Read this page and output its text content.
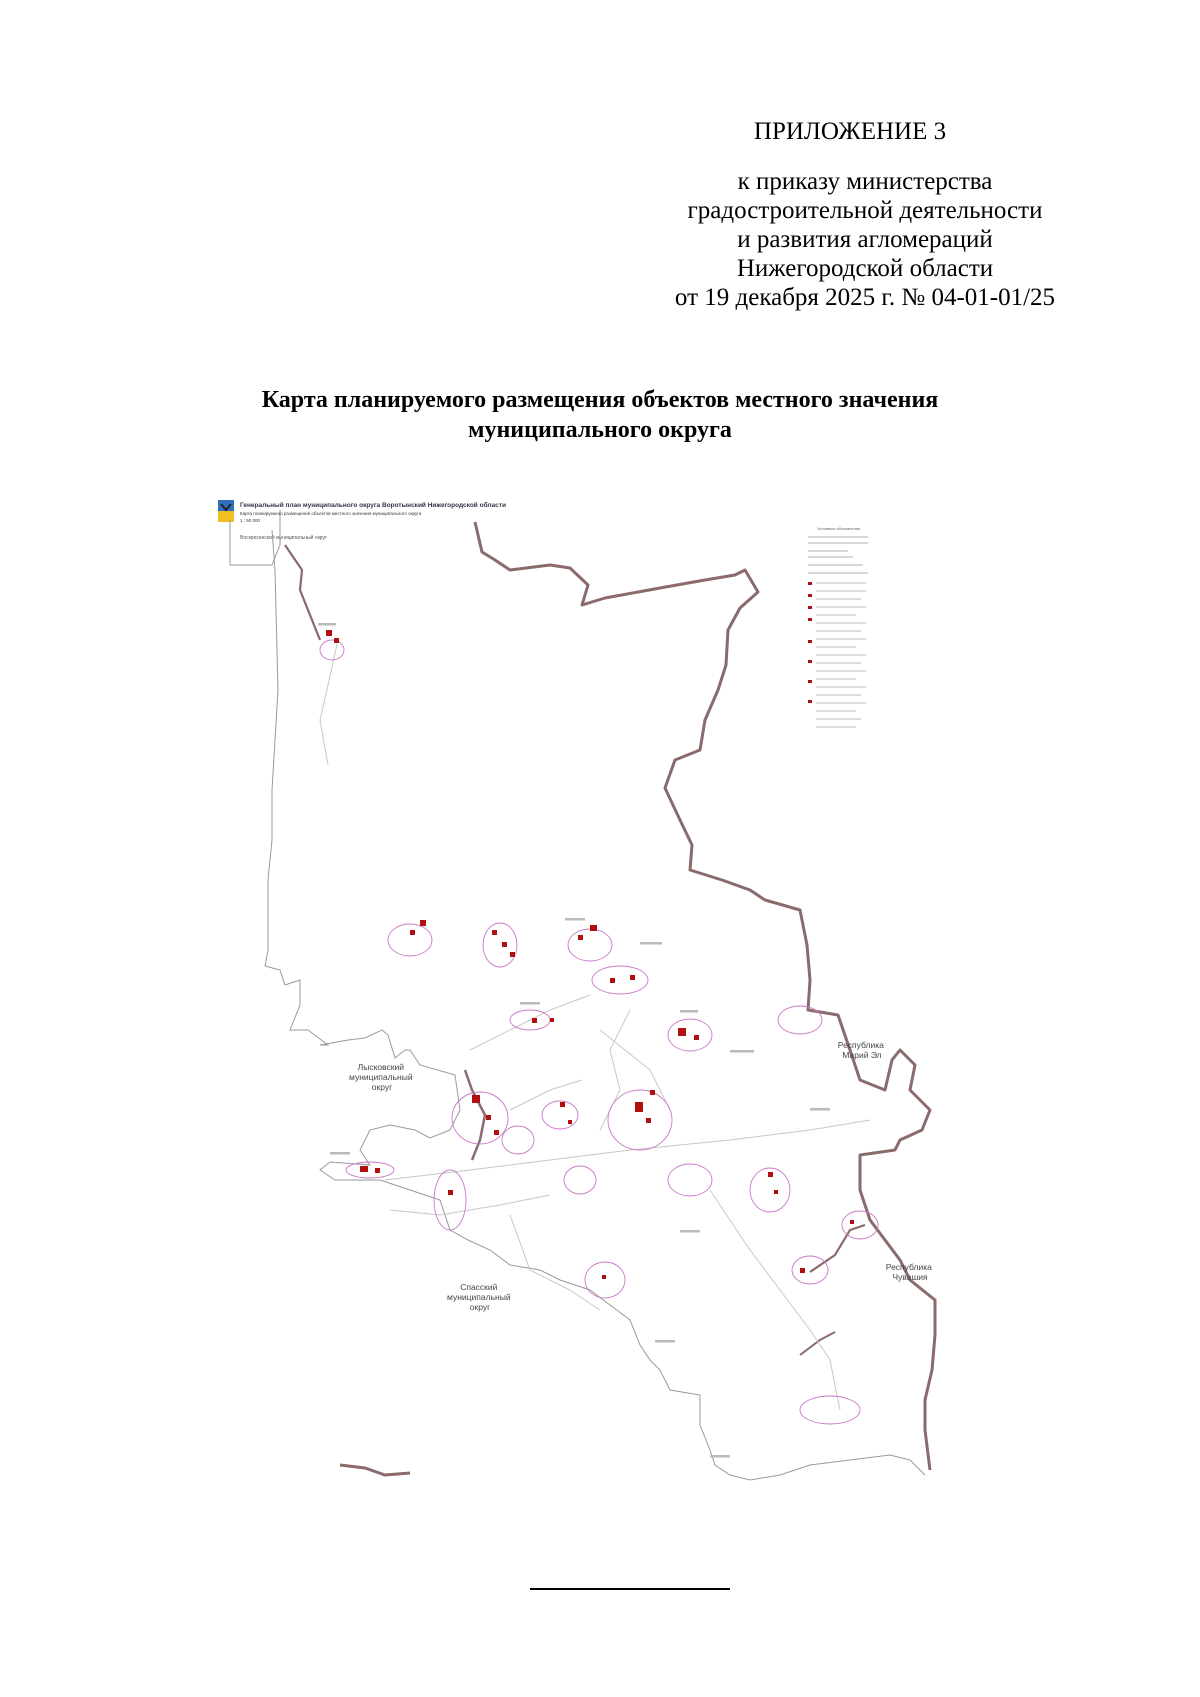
ПРИЛОЖЕНИЕ 3
к приказу министерства
градостроительной деятельности
и развития агломераций
Нижегородской области
от 19 декабря 2025 г. № 04-01-01/25
Карта планируемого размещения объектов местного значения
муниципального округа
Генеральный план муниципального округа Воротынский Нижегородской области
Карта планируемого размещения объектов местного значения муниципального округа
1 : 50 000
Воскресенский муниципальный округ
Лысковский муниципальный округ
Спасский муниципальный округ
Республика Марий Эл
Республика Чувашия
Условные обозначения
